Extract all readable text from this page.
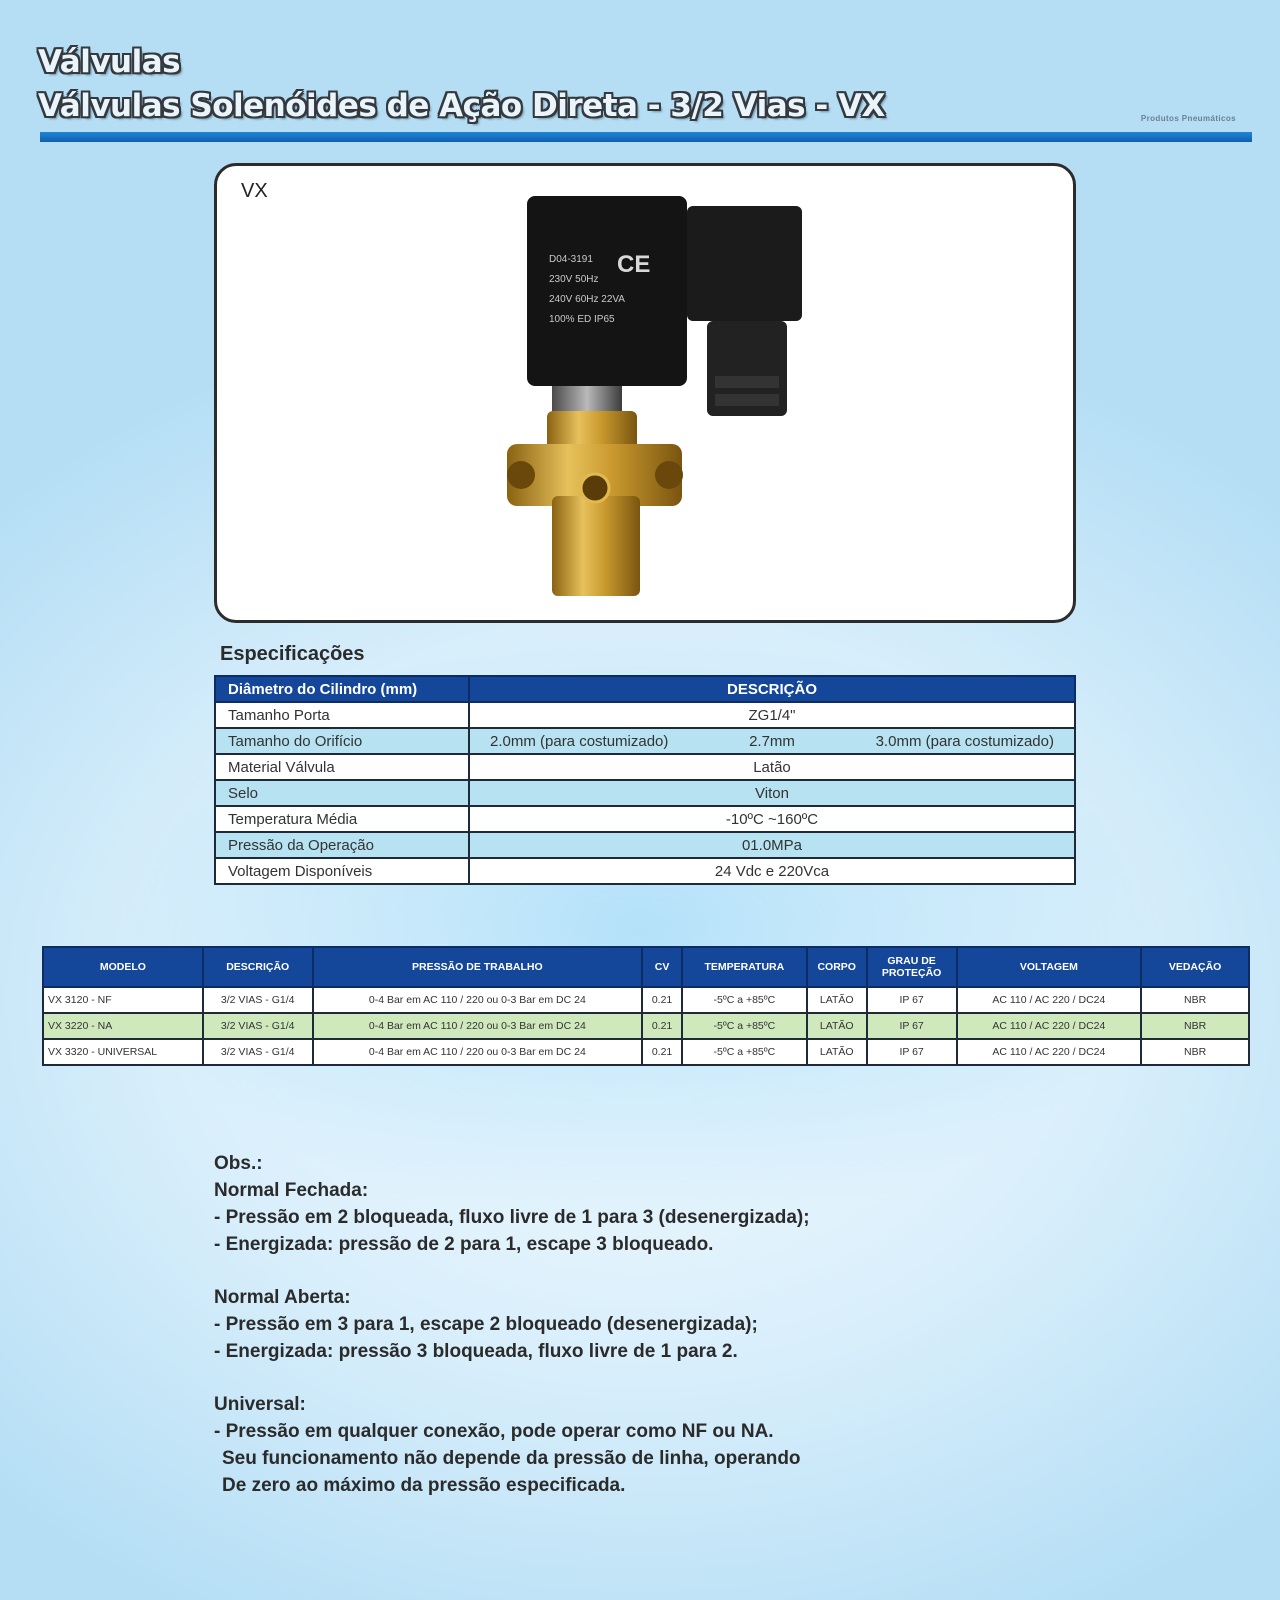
Válvulas
Válvulas Solenóides de Ação Direta - 3/2 Vias - VX	Produtos Pneumáticos
VX
D04-3191
230V 50Hz
240V 60Hz 22VA
100% ED IP65
CE
Especificações
Diâmetro do Cilindro (mm)	DESCRIÇÃO
Tamanho Porta	ZG1/4"
Tamanho do Orifício	2.0mm (para costumizado) 2.7mm 3.0mm (para costumizado)

Material Válvula	Latão
Selo	Viton
Temperatura Média	-10ºC ~160ºC
Pressão da Operação	01.0MPa
Voltagem Disponíveis	24 Vdc e 220Vca
MODELO	DESCRIÇÃO	PRESSÃO DE TRABALHO	CV	TEMPERATURA	CORPO	GRAU DE PROTEÇÃO	VOLTAGEM	VEDAÇÃO
VX 3120 - NF	3/2 VIAS - G1/4	0-4 Bar em AC 110 / 220 ou 0-3 Bar em DC 24	0.21	-5ºC a +85ºC	LATÃO	IP 67	AC 110 / AC 220 / DC24	NBR
VX 3220 - NA	3/2 VIAS - G1/4	0-4 Bar em AC 110 / 220 ou 0-3 Bar em DC 24	0.21	-5ºC a +85ºC	LATÃO	IP 67	AC 110 / AC 220 / DC24	NBR
VX 3320 - UNIVERSAL	3/2 VIAS - G1/4	0-4 Bar em AC 110 / 220 ou 0-3 Bar em DC 24	0.21	-5ºC a +85ºC	LATÃO	IP 67	AC 110 / AC 220 / DC24	NBR
Obs.:
Normal Fechada:
- Pressão em 2 bloqueada, fluxo livre de 1 para 3 (desenergizada);
- Energizada: pressão de 2 para 1, escape 3 bloqueado.
Normal Aberta:
- Pressão em 3 para 1, escape 2 bloqueado (desenergizada);
- Energizada: pressão 3 bloqueada, fluxo livre de 1 para 2.
Universal:
- Pressão em qualquer conexão, pode operar como NF ou NA.
Seu funcionamento não depende da pressão de linha, operando
De zero ao máximo da pressão especificada.
